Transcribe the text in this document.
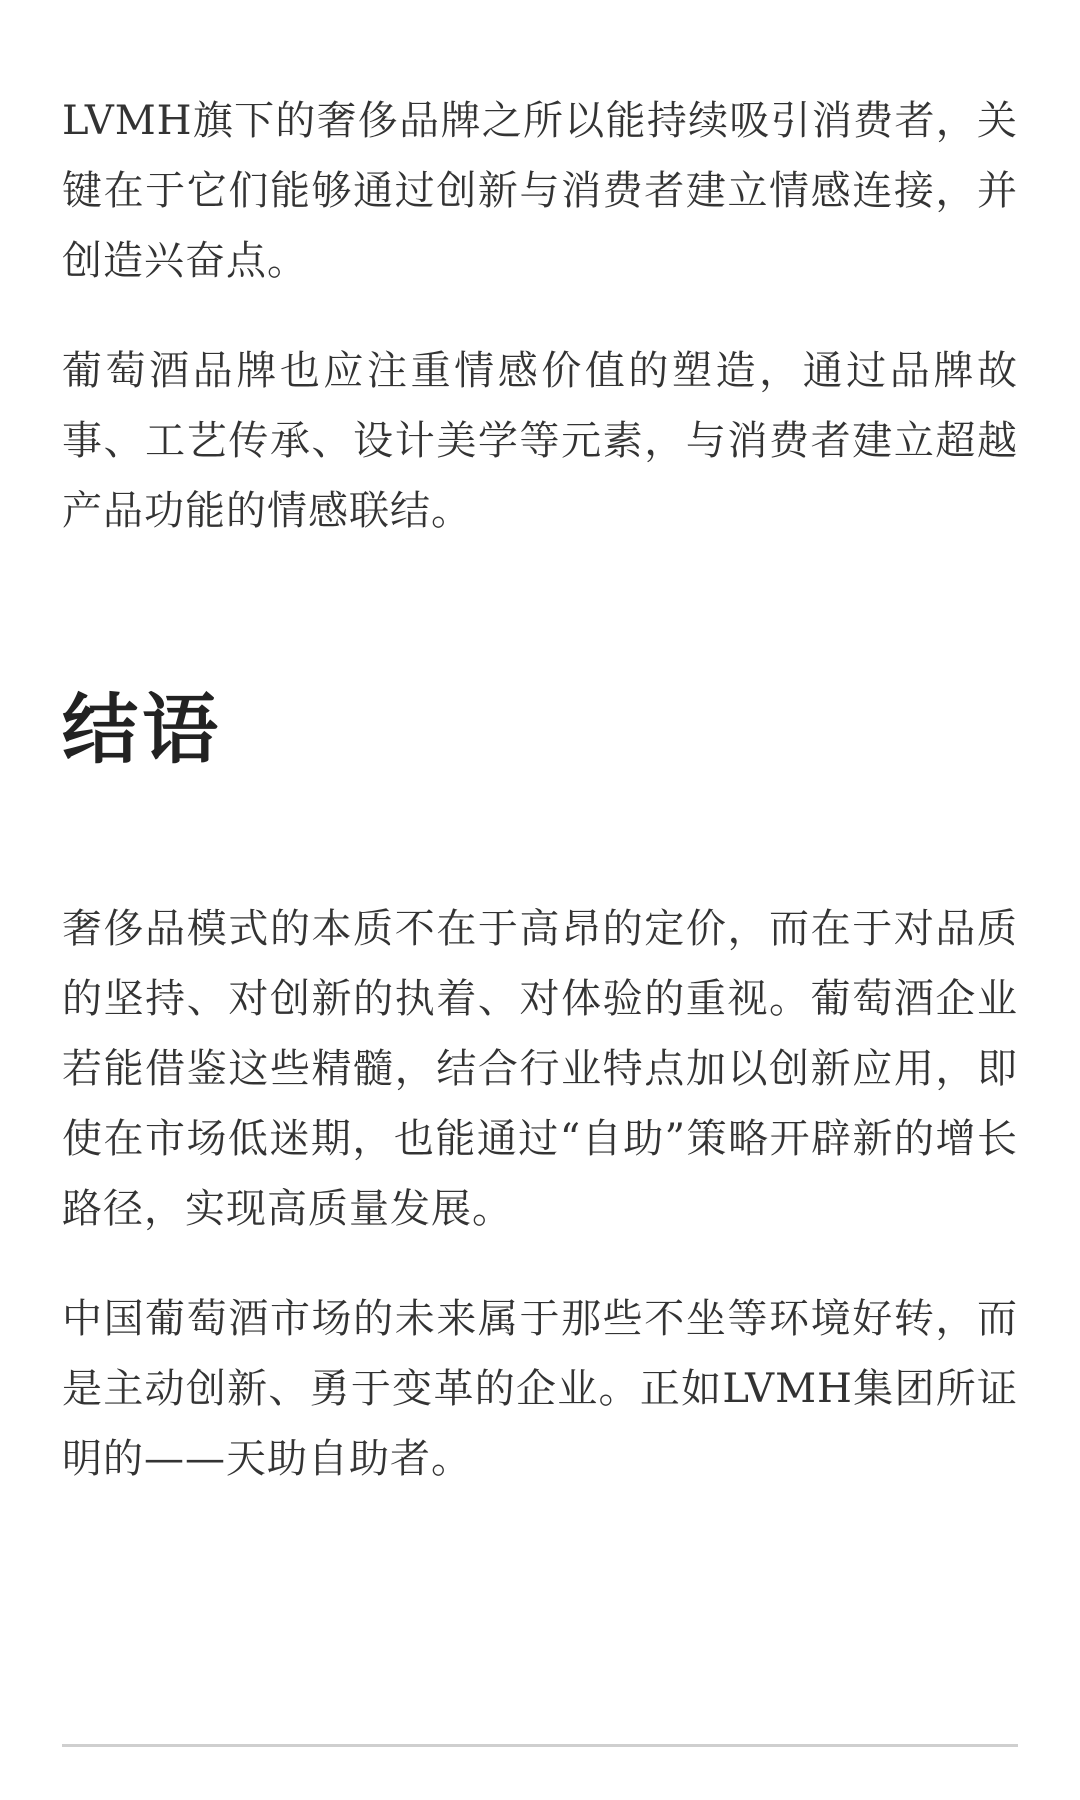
LVMH旗下的奢侈品牌之所以能持续吸引消费者，关键在于它们能够通过创新与消费者建立情感连接，并创造兴奋点。

葡萄酒品牌也应注重情感价值的塑造，通过品牌故事、工艺传承、设计美学等元素，与消费者建立超越产品功能的情感联结。

结语

奢侈品模式的本质不在于高昂的定价，而在于对品质的坚持、对创新的执着、对体验的重视。葡萄酒企业若能借鉴这些精髓，结合行业特点加以创新应用，即使在市场低迷期，也能通过“自助”策略开辟新的增长路径，实现高质量发展。

中国葡萄酒市场的未来属于那些不坐等环境好转，而是主动创新、勇于变革的企业。正如LVMH集团所证明的——天助自助者。
